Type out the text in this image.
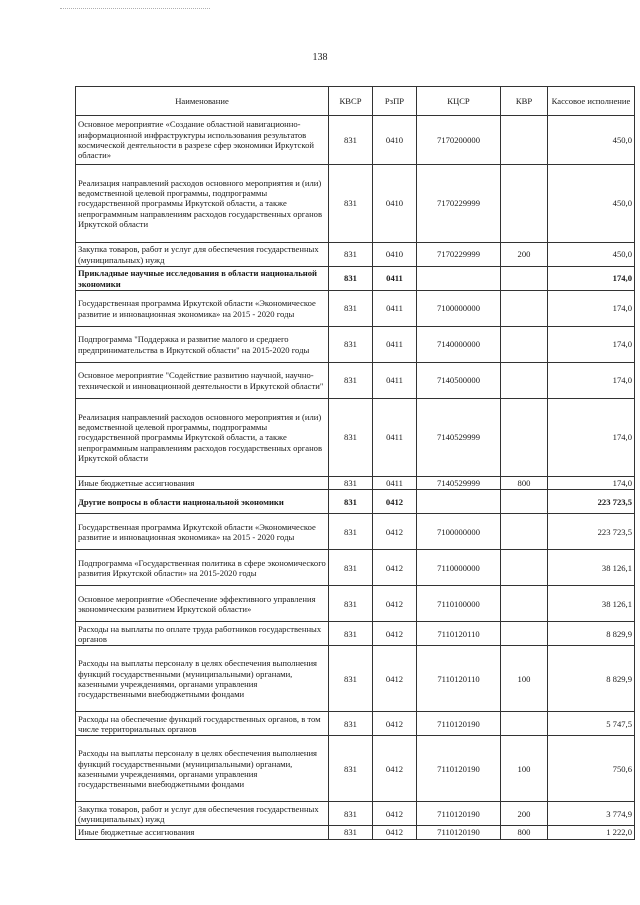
138
Наименование	КВСР	РзПР	КЦСР	КВР	Кассовое исполнение
Основное мероприятие «Создание областной навигационно-информационной инфраструктуры использования результатов космической деятельности в разрезе сфер экономики Иркутской области»	831	0410	7170200000		450,0
Реализация направлений расходов основного мероприятия и (или) ведомственной целевой программы, подпрограммы государственной программы Иркутской области, а также непрограммным направлениям расходов государственных органов Иркутской области	831	0410	7170229999		450,0
Закупка товаров, работ и услуг для обеспечения государственных (муниципальных) нужд	831	0410	7170229999	200	450,0
Прикладные научные исследования в области национальной экономики	831	0411			174,0
Государственная программа Иркутской области «Экономическое развитие и инновационная экономика» на 2015 - 2020 годы	831	0411	7100000000		174,0
Подпрограмма "Поддержка и развитие малого и среднего предпринимательства в Иркутской области" на 2015-2020 годы	831	0411	7140000000		174,0
Основное мероприятие "Содействие развитию научной, научно-технической и инновационной деятельности в Иркутской области"	831	0411	7140500000		174,0
Реализация направлений расходов основного мероприятия и (или) ведомственной целевой программы, подпрограммы государственной программы Иркутской области, а также непрограммным направлениям расходов государственных органов Иркутской области	831	0411	7140529999		174,0
Иные бюджетные ассигнования	831	0411	7140529999	800	174,0
Другие вопросы в области национальной экономики	831	0412			223 723,5
Государственная программа Иркутской области «Экономическое развитие и инновационная экономика» на 2015 - 2020 годы	831	0412	7100000000		223 723,5
Подпрограмма «Государственная политика в сфере экономического развития Иркутской области» на 2015-2020 годы	831	0412	7110000000		38 126,1
Основное мероприятие «Обеспечение эффективного управления экономическим развитием Иркутской области»	831	0412	7110100000		38 126,1
Расходы на выплаты по оплате труда работников государственных органов	831	0412	7110120110		8 829,9
Расходы на выплаты персоналу в целях обеспечения выполнения функций государственными (муниципальными) органами, казенными учреждениями, органами управления государственными внебюджетными фондами	831	0412	7110120110	100	8 829,9
Расходы на обеспечение функций государственных органов, в том числе территориальных органов	831	0412	7110120190		5 747,5
Расходы на выплаты персоналу в целях обеспечения выполнения функций государственными (муниципальными) органами, казенными учреждениями, органами управления государственными внебюджетными фондами	831	0412	7110120190	100	750,6
Закупка товаров, работ и услуг для обеспечения государственных (муниципальных) нужд	831	0412	7110120190	200	3 774,9
Иные бюджетные ассигнования	831	0412	7110120190	800	1 222,0
